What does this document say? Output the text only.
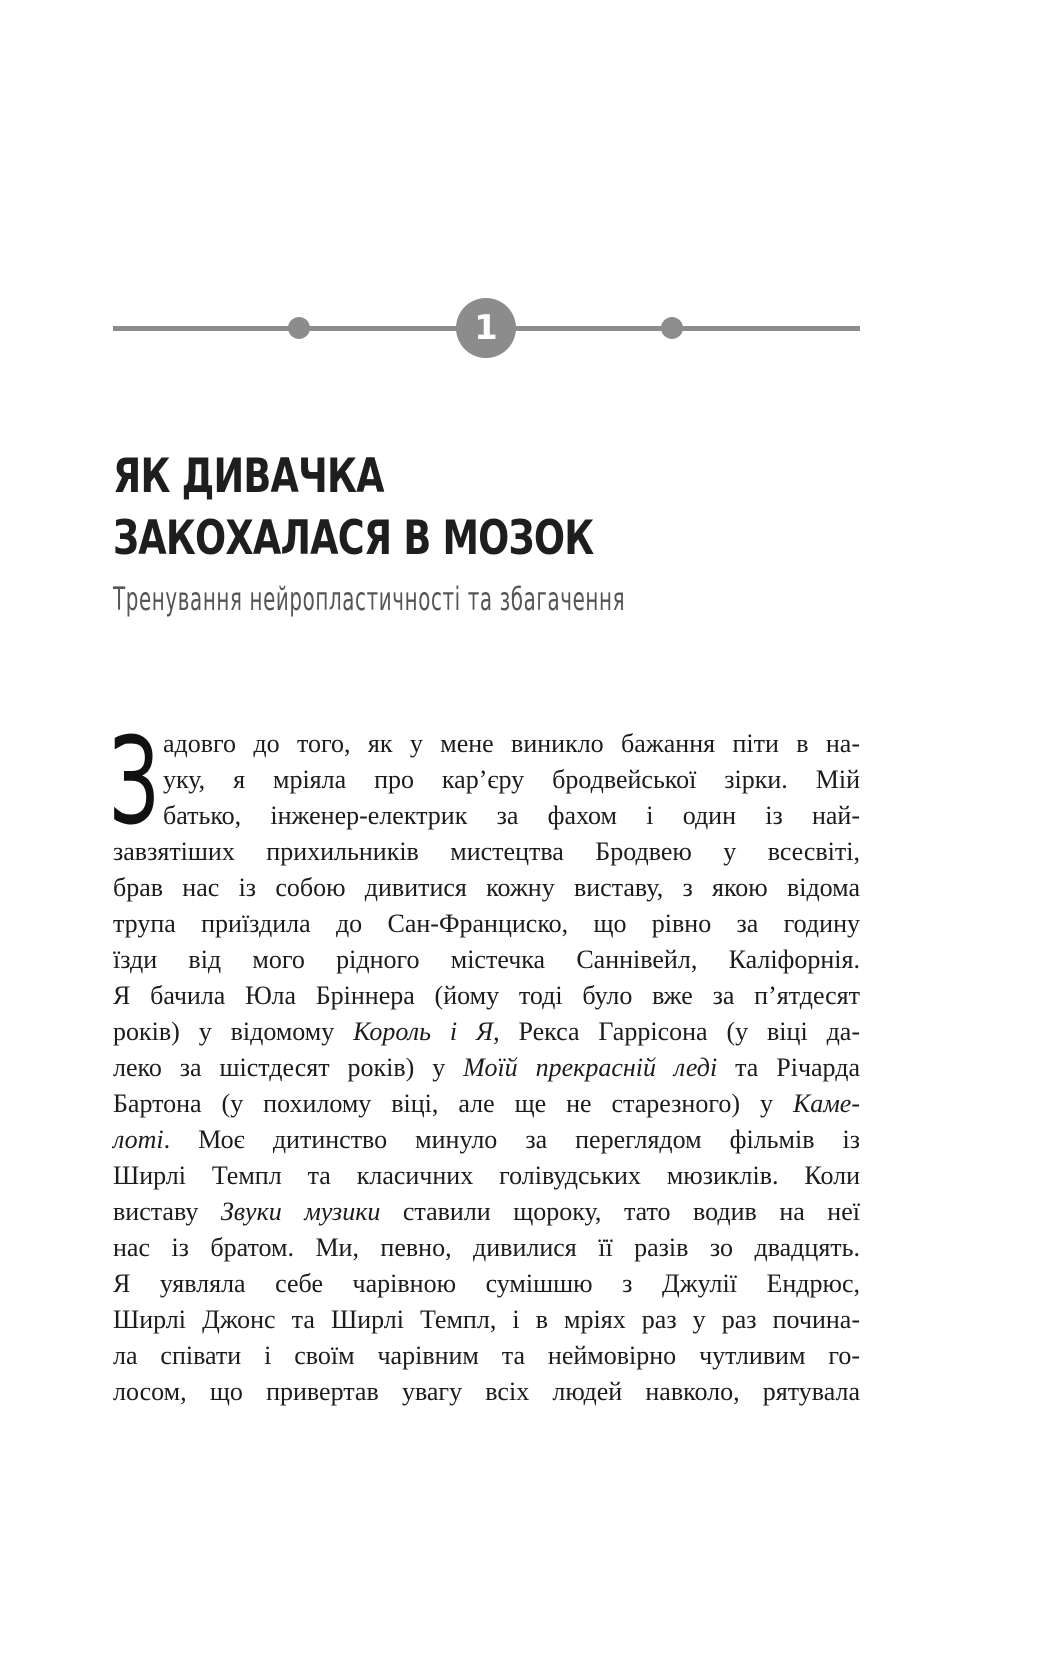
1
ЯК ДИВАЧКА
ЗАКОХАЛАСЯ В МОЗОК
Тренування нейропластичності та збагачення
З адовго до того, як у мене виникло бажання піти в на-
уку, я мріяла про кар’єру бродвейської зірки. Мій
батько, інженер-електрик за фахом і один із най-
завзятіших прихильників мистецтва Бродвею у всесвіті,
брав нас із собою дивитися кожну виставу, з якою відома
трупа приїздила до Сан-Франциско, що рівно за годину
їзди від мого рідного містечка Саннівейл, Каліфорнія.
Я бачила Юла Бріннера (йому тоді було вже за п’ятдесят
років) у відомому Король і Я, Рекса Гаррісона (у віці да-
леко за шістдесят років) у Моїй прекрасній леді та Річарда
Бартона (у похилому віці, але ще не старезного) у Каме-
лоті. Моє дитинство минуло за переглядом фільмів із
Ширлі Темпл та класичних голівудських мюзиклів. Коли
виставу Звуки музики ставили щороку, тато водив на неї
нас із братом. Ми, певно, дивилися її разів зо двадцять.
Я уявляла себе чарівною сумішшю з Джулії Ендрюс,
Ширлі Джонс та Ширлі Темпл, і в мріях раз у раз почина-
ла співати і своїм чарівним та неймовірно чутливим го-
лосом, що привертав увагу всіх людей навколо, рятувала
